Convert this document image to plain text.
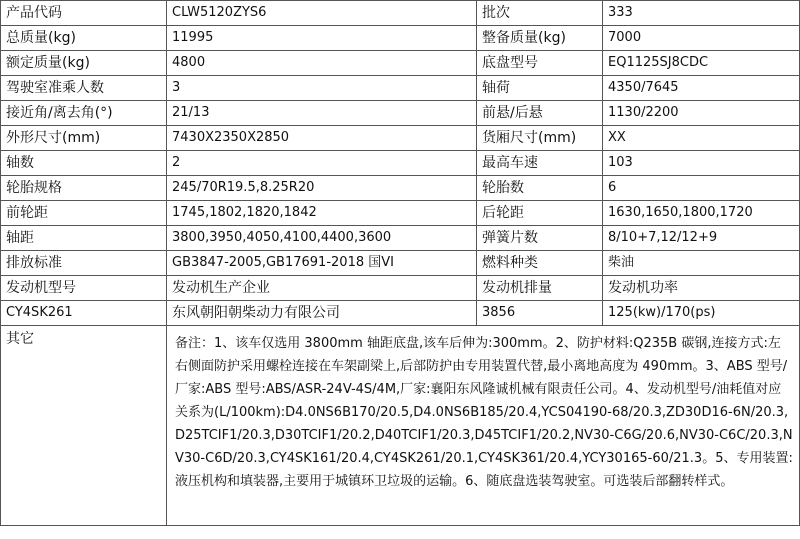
产品代码	CLW5120ZYS6	批次	333
总质量(kg)	11995	整备质量(kg)	7000
额定质量(kg)	4800	底盘型号	EQ1125SJ8CDC
驾驶室准乘人数	3	轴荷	4350/7645
接近角/离去角(°)	21/13	前悬/后悬	1130/2200
外形尺寸(mm)	7430X2350X2850	货厢尺寸(mm)	XX
轴数	2	最高车速	103
轮胎规格	245/70R19.5,8.25R20	轮胎数	6
前轮距	1745,1802,1820,1842	后轮距	1630,1650,1800,1720
轴距	3800,3950,4050,4100,4400,3600	弹簧片数	8/10+7,12/12+9
排放标准	GB3847-2005,GB17691-2018 国VI	燃料种类	柴油
发动机型号	发动机生产企业	发动机排量	发动机功率
CY4SK261	东风朝阳朝柴动力有限公司	3856	125(kw)/170(ps)
其它	备注：1、该车仅选用 3800mm 轴距底盘,该车后伸为:300mm。2、防护材料:Q235B 碳钢,连接方式:左右侧面防护采用螺栓连接在车架副梁上,后部防护由专用装置代替,最小离地高度为 490mm。3、ABS 型号/厂家:ABS 型号:ABS/ASR-24V-4S/4M,厂家:襄阳东风隆诚机械有限责任公司。4、发动机型号/油耗值对应关系为(L/100km):D4.0NS6B170/20.5,D4.0NS6B185/20.4,YCS04190-68/20.3,ZD30D16-6N/20.3,D25TCIF1/20.3,D30TCIF1/20.2,D40TCIF1/20.3,D45TCIF1/20.2,NV30-C6G/20.6,NV30-C6C/20.3,NV30-C6D/20.3,CY4SK161/20.4,CY4SK261/20.1,CY4SK361/20.4,YCY30165-60/21.3。5、专用装置:液压机构和填装器,主要用于城镇环卫垃圾的运输。6、随底盘选装驾驶室。可选装后部翻转样式。		
